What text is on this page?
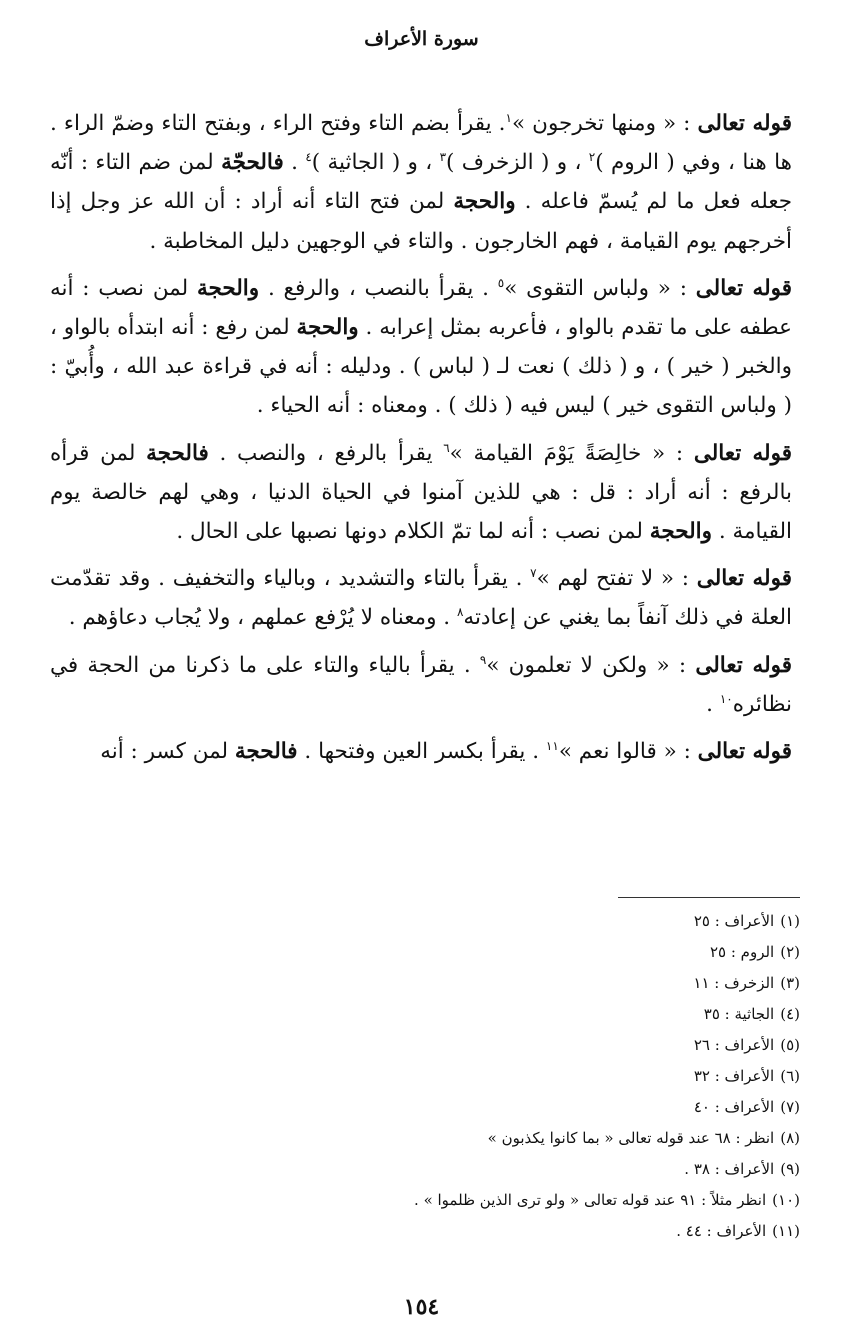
سورة الأعراف

قوله تعالى : « ومنها تخرجون »$^١$. يقرأ بضم التاء وفتح الراء ، وبفتح التاء وضمّ الراء . ها هنا ، وفي ( الروم )$^٢$ ، و ( الزخرف )$^٣$ ، و ( الجاثية )$^٤$ . فالحجّة لمن ضم التاء : أنّه جعله فعل ما لم يُسمّ فاعله . والحجة لمن فتح التاء أنه أراد : أن الله عز وجل إذا أخرجهم يوم القيامة ، فهم الخارجون . والتاء في الوجهين دليل المخاطبة .

قوله تعالى : « ولباس التقوى »$^٥$ . يقرأ بالنصب ، والرفع . والحجة لمن نصب : أنه عطفه على ما تقدم بالواو ، فأعربه بمثل إعرابه . والحجة لمن رفع : أنه ابتدأه بالواو ، والخبر ( خير ) ، و ( ذلك ) نعت لـ ( لباس ) . ودليله : أنه في قراءة عبد الله ، وأُبيّ : ( ولباس التقوى خير ) ليس فيه ( ذلك ) . ومعناه : أنه الحياء .

قوله تعالى : « خالِصَةً يَوْمَ القيامة »$^٦$ يقرأ بالرفع ، والنصب . فالحجة لمن قرأه بالرفع : أنه أراد : قل : هي للذين آمنوا في الحياة الدنيا ، وهي لهم خالصة يوم القيامة . والحجة لمن نصب : أنه لما تمّ الكلام دونها نصبها على الحال .

قوله تعالى : « لا تفتح لهم »$^٧$ . يقرأ بالتاء والتشديد ، وبالياء والتخفيف . وقد تقدّمت العلة في ذلك آنفاً بما يغني عن إعادته$^٨$ . ومعناه لا يُرْفع عملهم ، ولا يُجاب دعاؤهم .

قوله تعالى : « ولكن لا تعلمون »$^٩$ . يقرأ بالياء والتاء على ما ذكرنا من الحجة في نظائره$^{١٠}$ .

قوله تعالى : « قالوا نعم »$^{١١}$ . يقرأ بكسر العين وفتحها . فالحجة لمن كسر : أنه

(١)الأعراف : ٢٥
(٢)الروم : ٢٥
(٣)الزخرف : ١١
(٤)الجاثية : ٣٥
(٥)الأعراف : ٢٦
(٦)الأعراف : ٣٢
(٧)الأعراف : ٤٠
(٨)انظر : ٦٨ عند قوله تعالى « بما كانوا يكذبون »
(٩)الأعراف : ٣٨ .
(١٠)انظر مثلاً : ٩١ عند قوله تعالى « ولو ترى الذين ظلموا » .
(١١)الأعراف : ٤٤ .
١٥٤
